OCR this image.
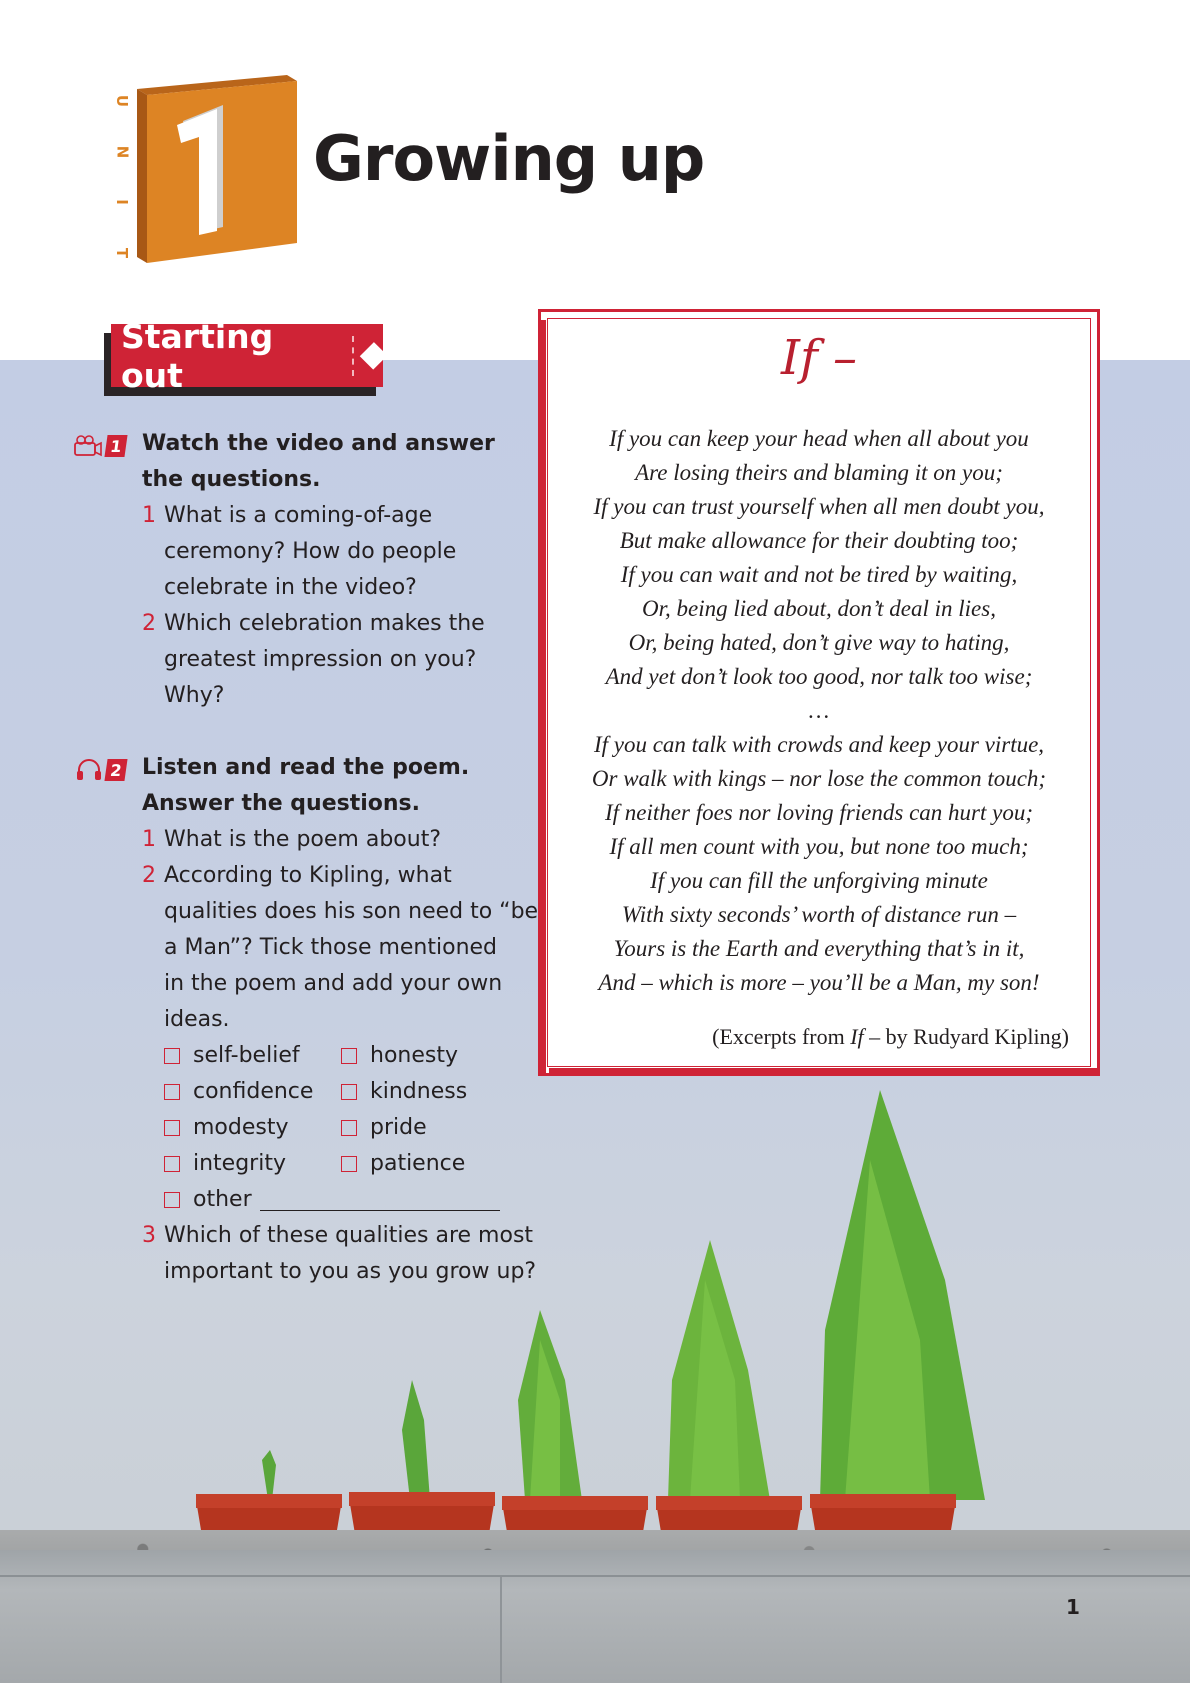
U
N
I
T
Growing up
Starting out
1 Watch the video and answer
the questions.
1 What is a coming-of-age
ceremony? How do people
celebrate in the video?
2 Which celebration makes the
greatest impression on you?
Why?
2 Listen and read the poem.
Answer the questions.
1 What is the poem about?
2 According to Kipling, what
qualities does his son need to “be
a Man”? Tick those mentioned
in the poem and add your own
ideas.
self-belief
confidence
modesty
integrity
other
honesty
kindness
pride
patience
3 Which of these qualities are most
important to you as you grow up?
If –
If you can keep your head when all about you
Are losing theirs and blaming it on you;
If you can trust yourself when all men doubt you,
But make allowance for their doubting too;
If you can wait and not be tired by waiting,
Or, being lied about, don’t deal in lies,
Or, being hated, don’t give way to hating,
And yet don’t look too good, nor talk too wise;
…
If you can talk with crowds and keep your virtue,
Or walk with kings – nor lose the common touch;
If neither foes nor loving friends can hurt you;
If all men count with you, but none too much;
If you can fill the unforgiving minute
With sixty seconds’ worth of distance run –
Yours is the Earth and everything that’s in it,
And – which is more – you’ll be a Man, my son!
(Excerpts from If – by Rudyard Kipling)
1
